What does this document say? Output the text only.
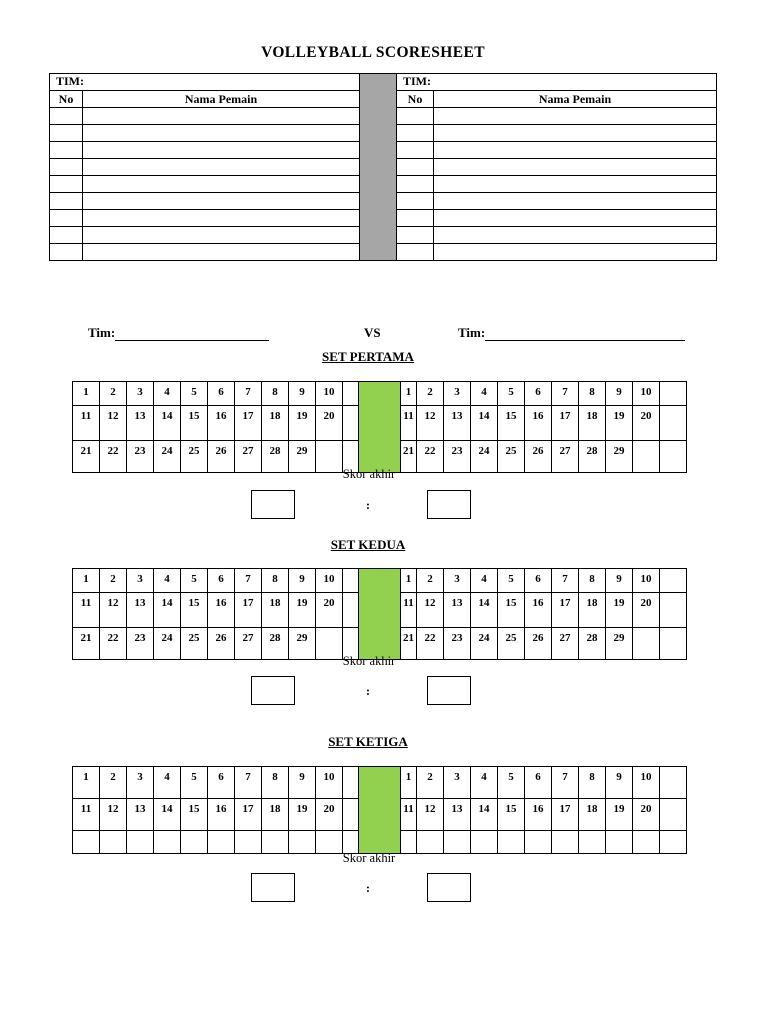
VOLLEYBALL SCORESHEET
TIM:			TIM:	
No	Nama Pemain		No	Nama Pemain

Tim:	VS	Tim:
SET PERTAMA
1	2	3	4	5	6	7	8	9	10			1	2	3	4	5	6	7	8	9	10	
11	12	13	14	15	16	17	18	19	20			11	12	13	14	15	16	17	18	19	20	
21	22	23	24	25	26	27	28	29				21	22	23	24	25	26	27	28	29		
Skor akhir
:
SET KEDUA
1	2	3	4	5	6	7	8	9	10			1	2	3	4	5	6	7	8	9	10	
11	12	13	14	15	16	17	18	19	20			11	12	13	14	15	16	17	18	19	20	
21	22	23	24	25	26	27	28	29				21	22	23	24	25	26	27	28	29		
Skor akhir
:
SET KETIGA
1	2	3	4	5	6	7	8	9	10			1	2	3	4	5	6	7	8	9	10	
11	12	13	14	15	16	17	18	19	20			11	12	13	14	15	16	17	18	19	20	

Skor akhir
:
